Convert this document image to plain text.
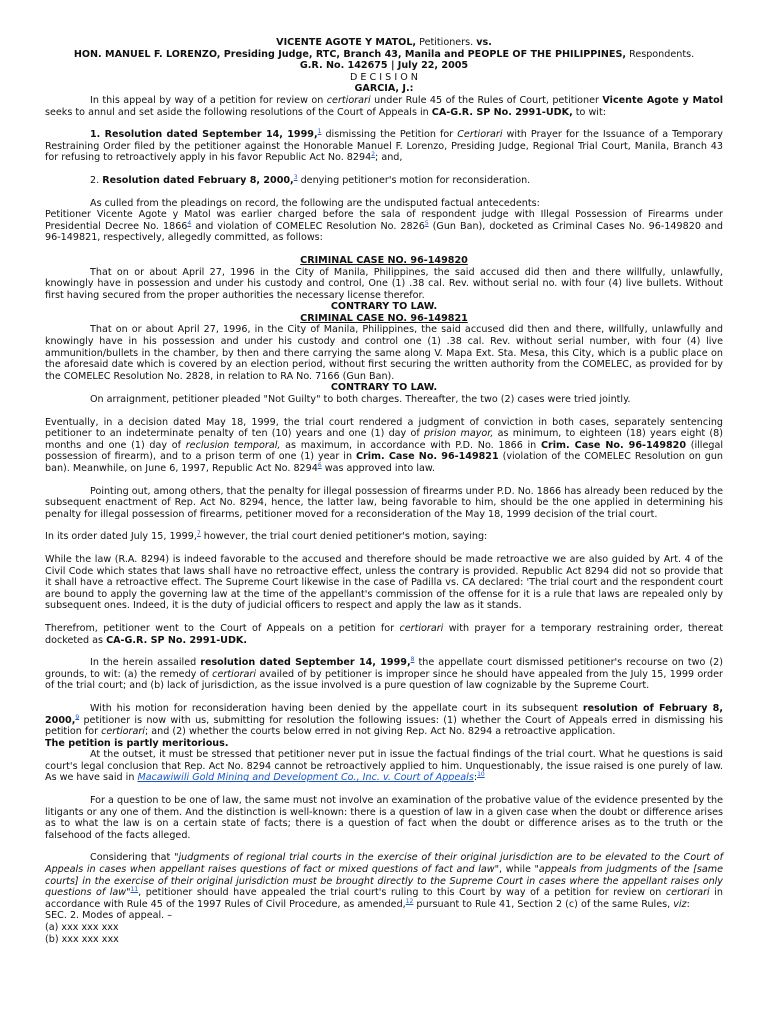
VICENTE AGOTE Y MATOL, Petitioners. vs.

HON. MANUEL F. LORENZO, Presiding Judge, RTC, Branch 43, Manila and PEOPLE OF THE PHILIPPINES, Respondents.

G.R. No. 142675 | July 22, 2005

D E C I S I O N

GARCIA, J.:

In this appeal by way of a petition for review on certiorari under Rule 45 of the Rules of Court, petitioner Vicente Agote y Matol seeks to annul and set aside the following resolutions of the Court of Appeals in CA-G.R. SP No. 2991-UDK, to wit:

1. Resolution dated September 14, 1999,$^1$ dismissing the Petition for Certiorari with Prayer for the Issuance of a Temporary Restraining Order filed by the petitioner against the Honorable Manuel F. Lorenzo, Presiding Judge, Regional Trial Court, Manila, Branch 43 for refusing to retroactively apply in his favor Republic Act No. 8294$^2$; and,

2. Resolution dated February 8, 2000,$^3$ denying petitioner's motion for reconsideration.

As culled from the pleadings on record, the following are the undisputed factual antecedents:

Petitioner Vicente Agote y Matol was earlier charged before the sala of respondent judge with Illegal Possession of Firearms under Presidential Decree No. 1866$^4$ and violation of COMELEC Resolution No. 2826$^5$ (Gun Ban), docketed as Criminal Cases No. 96-149820 and 96-149821, respectively, allegedly committed, as follows:

CRIMINAL CASE NO. 96-149820

That on or about April 27, 1996 in the City of Manila, Philippines, the said accused did then and there willfully, unlawfully, knowingly have in possession and under his custody and control, One (1) .38 cal. Rev. without serial no. with four (4) live bullets. Without first having secured from the proper authorities the necessary license therefor.

CONTRARY TO LAW.

CRIMINAL CASE NO. 96-149821

That on or about April 27, 1996, in the City of Manila, Philippines, the said accused did then and there, willfully, unlawfully and knowingly have in his possession and under his custody and control one (1) .38 cal. Rev. without serial number, with four (4) live ammunition/bullets in the chamber, by then and there carrying the same along V. Mapa Ext. Sta. Mesa, this City, which is a public place on the aforesaid date which is covered by an election period, without first securing the written authority from the COMELEC, as provided for by the COMELEC Resolution No. 2828, in relation to RA No. 7166 (Gun Ban).

CONTRARY TO LAW.

On arraignment, petitioner pleaded "Not Guilty" to both charges. Thereafter, the two (2) cases were tried jointly.

Eventually, in a decision dated May 18, 1999, the trial court rendered a judgment of conviction in both cases, separately sentencing petitioner to an indeterminate penalty of ten (10) years and one (1) day of prision mayor, as minimum, to eighteen (18) years eight (8) months and one (1) day of reclusion temporal, as maximum, in accordance with P.D. No. 1866 in Crim. Case No. 96-149820 (illegal possession of firearm), and to a prison term of one (1) year in Crim. Case No. 96-149821 (violation of the COMELEC Resolution on gun ban). Meanwhile, on June 6, 1997, Republic Act No. 8294$^6$ was approved into law.

Pointing out, among others, that the penalty for illegal possession of firearms under P.D. No. 1866 has already been reduced by the subsequent enactment of Rep. Act No. 8294, hence, the latter law, being favorable to him, should be the one applied in determining his penalty for illegal possession of firearms, petitioner moved for a reconsideration of the May 18, 1999 decision of the trial court.

In its order dated July 15, 1999,$^7$ however, the trial court denied petitioner's motion, saying:

While the law (R.A. 8294) is indeed favorable to the accused and therefore should be made retroactive we are also guided by Art. 4 of the Civil Code which states that laws shall have no retroactive effect, unless the contrary is provided. Republic Act 8294 did not so provide that it shall have a retroactive effect. The Supreme Court likewise in the case of Padilla vs. CA declared: 'The trial court and the respondent court are bound to apply the governing law at the time of the appellant's commission of the offense for it is a rule that laws are repealed only by subsequent ones. Indeed, it is the duty of judicial officers to respect and apply the law as it stands.

Therefrom, petitioner went to the Court of Appeals on a petition for certiorari with prayer for a temporary restraining order, thereat docketed as CA-G.R. SP No. 2991-UDK.

In the herein assailed resolution dated September 14, 1999,$^8$ the appellate court dismissed petitioner's recourse on two (2) grounds, to wit: (a) the remedy of certiorari availed of by petitioner is improper since he should have appealed from the July 15, 1999 order of the trial court; and (b) lack of jurisdiction, as the issue involved is a pure question of law cognizable by the Supreme Court.

With his motion for reconsideration having been denied by the appellate court in its subsequent resolution of February 8, 2000,$^9$ petitioner is now with us, submitting for resolution the following issues: (1) whether the Court of Appeals erred in dismissing his petition for certiorari; and (2) whether the courts below erred in not giving Rep. Act No. 8294 a retroactive application.

The petition is partly meritorious.

At the outset, it must be stressed that petitioner never put in issue the factual findings of the trial court. What he questions is said court's legal conclusion that Rep. Act No. 8294 cannot be retroactively applied to him. Unquestionably, the issue raised is one purely of law. As we have said in Macawiwili Gold Mining and Development Co., Inc. v. Court of Appeals:$^{10}$

For a question to be one of law, the same must not involve an examination of the probative value of the evidence presented by the litigants or any one of them. And the distinction is well-known: there is a question of law in a given case when the doubt or difference arises as to what the law is on a certain state of facts; there is a question of fact when the doubt or difference arises as to the truth or the falsehood of the facts alleged.

Considering that "judgments of regional trial courts in the exercise of their original jurisdiction are to be elevated to the Court of Appeals in cases when appellant raises questions of fact or mixed questions of fact and law", while "appeals from judgments of the [same courts] in the exercise of their original jurisdiction must be brought directly to the Supreme Court in cases where the appellant raises only questions of law"$^{11}$, petitioner should have appealed the trial court's ruling to this Court by way of a petition for review on certiorari in accordance with Rule 45 of the 1997 Rules of Civil Procedure, as amended,$^{12}$ pursuant to Rule 41, Section 2 (c) of the same Rules, viz:

SEC. 2. Modes of appeal. –

(a) xxx xxx xxx

(b) xxx xxx xxx
